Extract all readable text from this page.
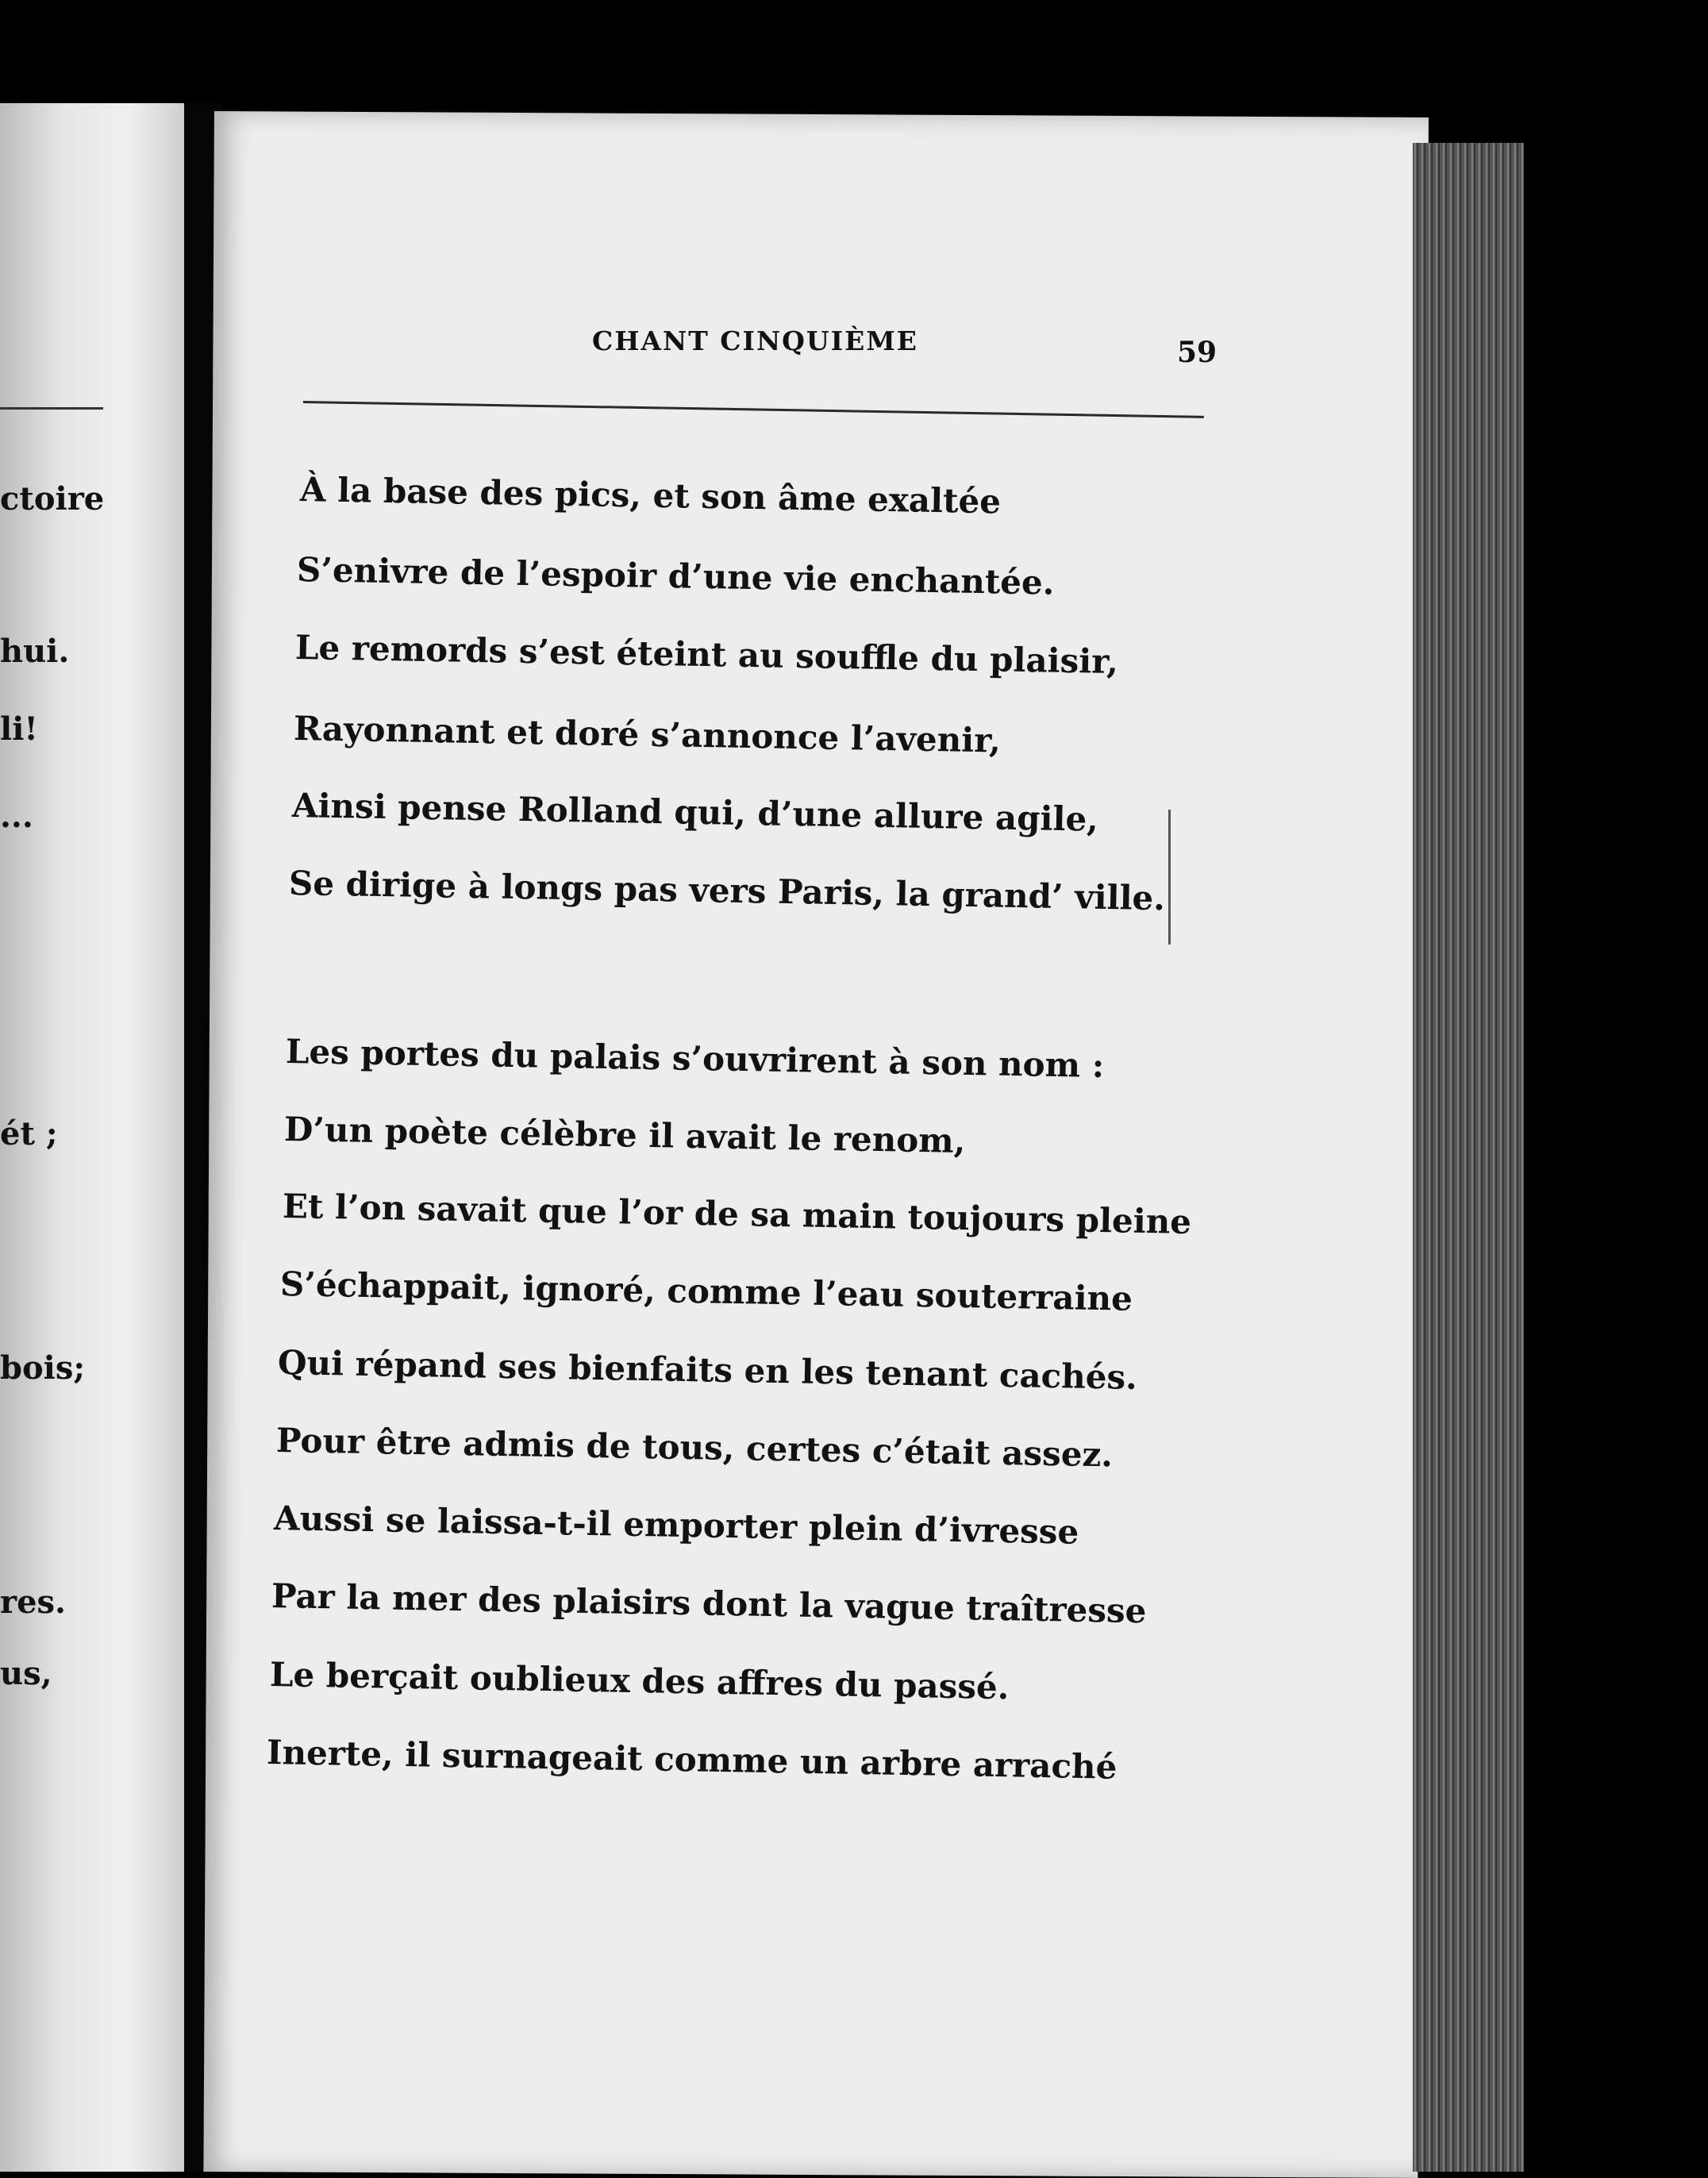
ctoire
hui.
li!
...
ét ;
bois;
res.
us,
CHANT CINQUIÈME	59
À la base des pics, et son âme exaltée
S’enivre de l’espoir d’une vie enchantée.
Le remords s’est éteint au souffle du plaisir,
Rayonnant et doré s’annonce l’avenir,
Ainsi pense Rolland qui, d’une allure agile,
Se dirige à longs pas vers Paris, la grand’ ville.
Les portes du palais s’ouvrirent à son nom :
D’un poète célèbre il avait le renom,
Et l’on savait que l’or de sa main toujours pleine
S’échappait, ignoré, comme l’eau souterraine
Qui répand ses bienfaits en les tenant cachés.
Pour être admis de tous, certes c’était assez.
Aussi se laissa-t-il emporter plein d’ivresse
Par la mer des plaisirs dont la vague traîtresse
Le berçait oublieux des affres du passé.
Inerte, il surnageait comme un arbre arraché
